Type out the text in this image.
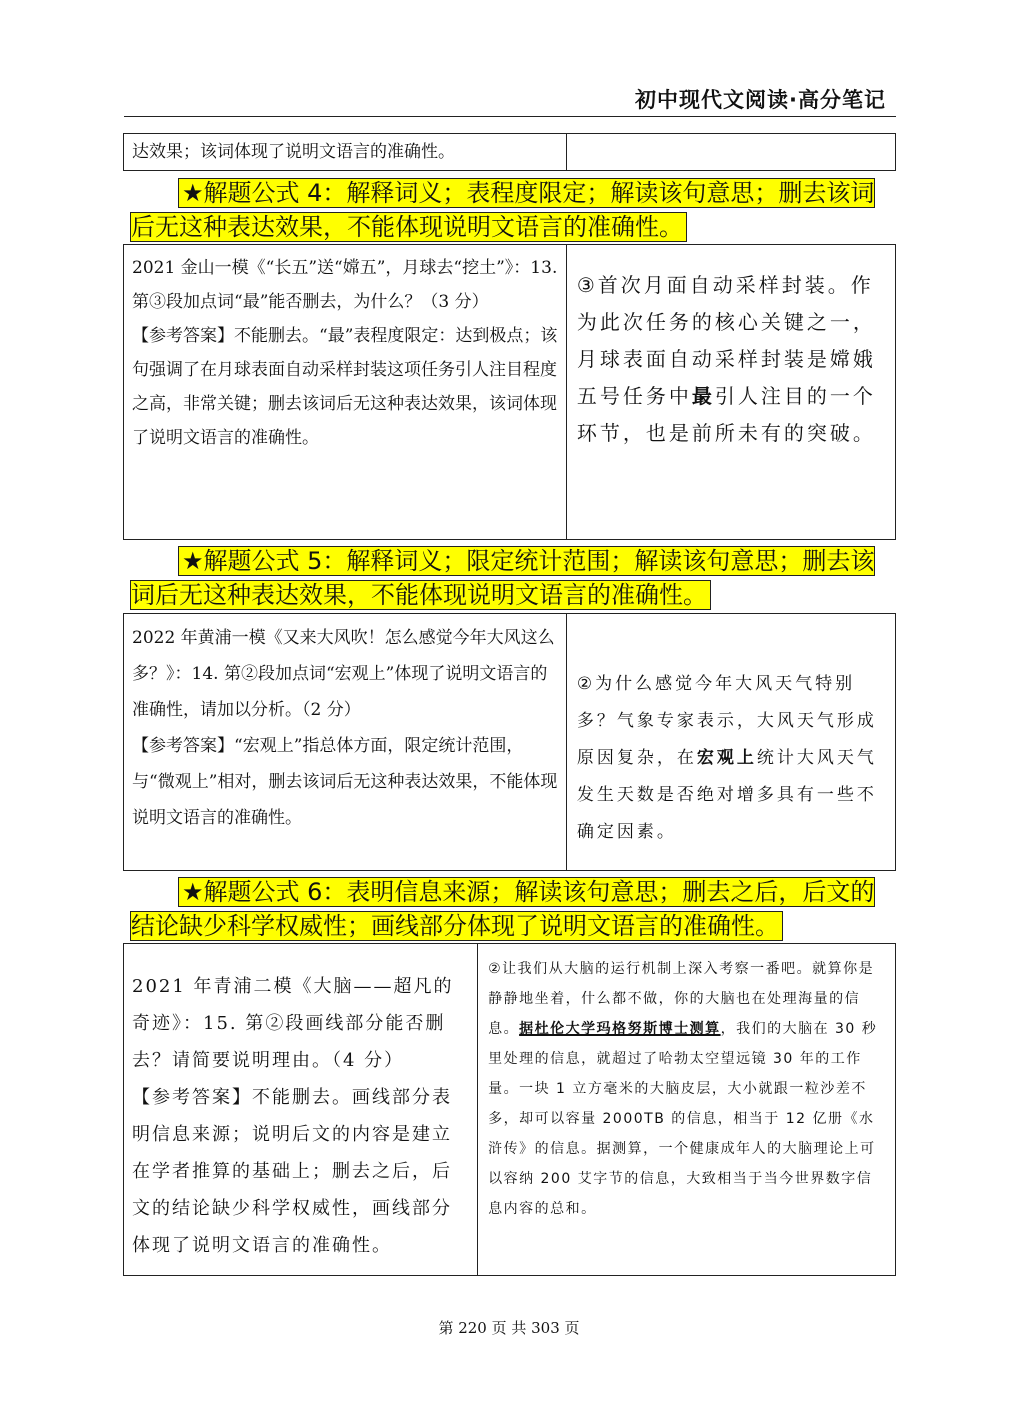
初中现代文阅读·高分笔记
达效果；该词体现了说明文语言的准确性。
★解题公式 4：解释词义；表程度限定；解读该句意思；删去该词后无这种表达效果，不能体现说明文语言的准确性。
2021 金山一模《“长五”送“嫦五”，月球去“挖土”》：13. 第③段加点词“最”能否删去，为什么？（3 分）
【参考答案】不能删去。“最”表程度限定：达到极点；该句强调了在月球表面自动采样封装这项任务引人注目程度之高，非常关键；删去该词后无这种表达效果，该词体现了说明文语言的准确性。
③首次月面自动采样封装。作为此次任务的核心关键之一，月球表面自动采样封装是嫦娥五号任务中最 •引人注目的一个环节，也是前所未有的突破。
★解题公式 5：解释词义；限定统计范围；解读该句意思；删去该词后无这种表达效果，不能体现说明文语言的准确性。
2022 年黄浦一模《又来大风吹！怎么感觉今年大风这么多？》：14. 第②段加点词“宏观上”体现了说明文语言的准确性，请加以分析。（2 分）
【参考答案】“宏观上”指总体方面，限定统计范围，与“微观上”相对，删去该词后无这种表达效果，不能体现说明文语言的准确性。
②为什么感觉今年大风天气特别多？气象专家表示，大风天气形成原因复杂，在宏观上 •统计大风天气发生天数是否绝对增多具有一些不确定因素。
★解题公式 6：表明信息来源；解读该句意思；删去之后，后文的结论缺少科学权威性；画线部分体现了说明文语言的准确性。
2021 年青浦二模《大脑——超凡的奇迹》：15. 第②段画线部分能否删去？请简要说明理由。（4 分）
【参考答案】不能删去。画线部分表明信息来源；说明后文的内容是建立在学者推算的基础上；删去之后，后文的结论缺少科学权威性，画线部分体现了说明文语言的准确性。
②让我们从大脑的运行机制上深入考察一番吧。就算你是静静地坐着，什么都不做，你的大脑也在处理海量的信息。据杜伦大学玛格努斯博士测算，我们的大脑在 30 秒里处理的信息，就超过了哈勃太空望远镜 30 年的工作量。一块 1 立方毫米的大脑皮层，大小就跟一粒沙差不多，却可以容量 2000TB 的信息，相当于 12 亿册《水浒传》的信息。据测算，一个健康成年人的大脑理论上可以容纳 200 艾字节的信息，大致相当于当今世界数字信息内容的总和。
第 220 页 共 303 页
